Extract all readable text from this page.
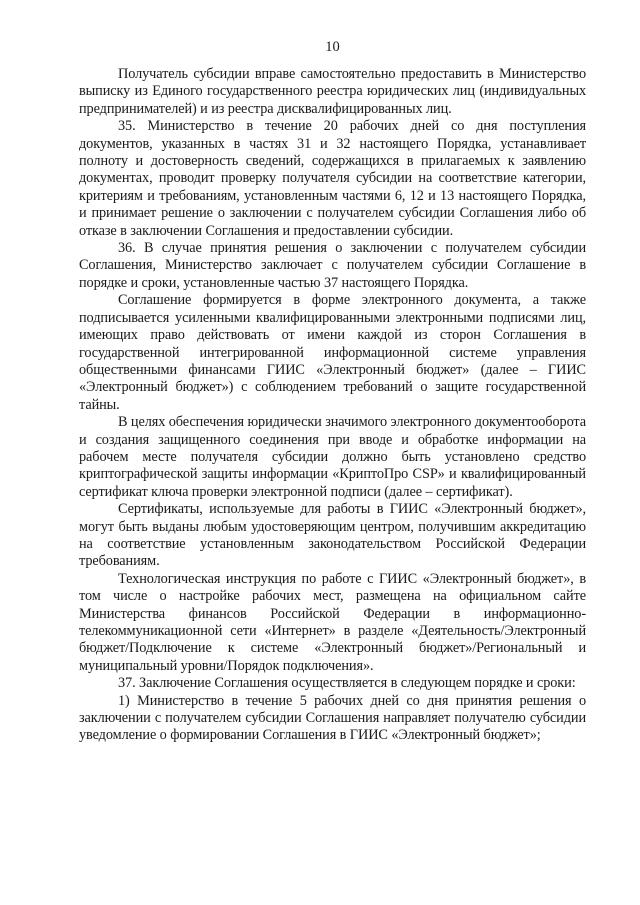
10

Получатель субсидии вправе самостоятельно предоставить в Министерство выписку из Единого государственного реестра юридических лиц (индивидуальных предпринимателей) и из реестра дисквалифицированных лиц.

35. Министерство в течение 20 рабочих дней со дня поступления документов, указанных в частях 31 и 32 настоящего Порядка, устанавливает полноту и достоверность сведений, содержащихся в прилагаемых к заявлению документах, проводит проверку получателя субсидии на соответствие категории, критериям и требованиям, установленным частями 6, 12 и 13 настоящего Порядка, и принимает решение о заключении с получателем субсидии Соглашения либо об отказе в заключении Соглашения и предоставлении субсидии.

36. В случае принятия решения о заключении с получателем субсидии Соглашения, Министерство заключает с получателем субсидии Соглашение в порядке и сроки, установленные частью 37 настоящего Порядка.

Соглашение формируется в форме электронного документа, а также подписывается усиленными квалифицированными электронными подписями лиц, имеющих право действовать от имени каждой из сторон Соглашения в государственной интегрированной информационной системе управления общественными финансами ГИИС «Электронный бюджет» (далее – ГИИС «Электронный бюджет») с соблюдением требований о защите государственной тайны.

В целях обеспечения юридически значимого электронного документооборота и создания защищенного соединения при вводе и обработке информации на рабочем месте получателя субсидии должно быть установлено средство криптографической защиты информации «КриптоПро CSP» и квалифицированный сертификат ключа проверки электронной подписи (далее – сертификат).

Сертификаты, используемые для работы в ГИИС «Электронный бюджет», могут быть выданы любым удостоверяющим центром, получившим аккредитацию на соответствие установленным законодательством Российской Федерации требованиям.

Технологическая инструкция по работе с ГИИС «Электронный бюджет», в том числе о настройке рабочих мест, размещена на официальном сайте Министерства финансов Российской Федерации в информационно-телекоммуникационной сети «Интернет» в разделе «Деятельность/Электронный бюджет/Подключение к системе «Электронный бюджет»/Региональный и муниципальный уровни/Порядок подключения».

37. Заключение Соглашения осуществляется в следующем порядке и сроки:

1) Министерство в течение 5 рабочих дней со дня принятия решения о заключении с получателем субсидии Соглашения направляет получателю субсидии уведомление о формировании Соглашения в ГИИС «Электронный бюджет»;
